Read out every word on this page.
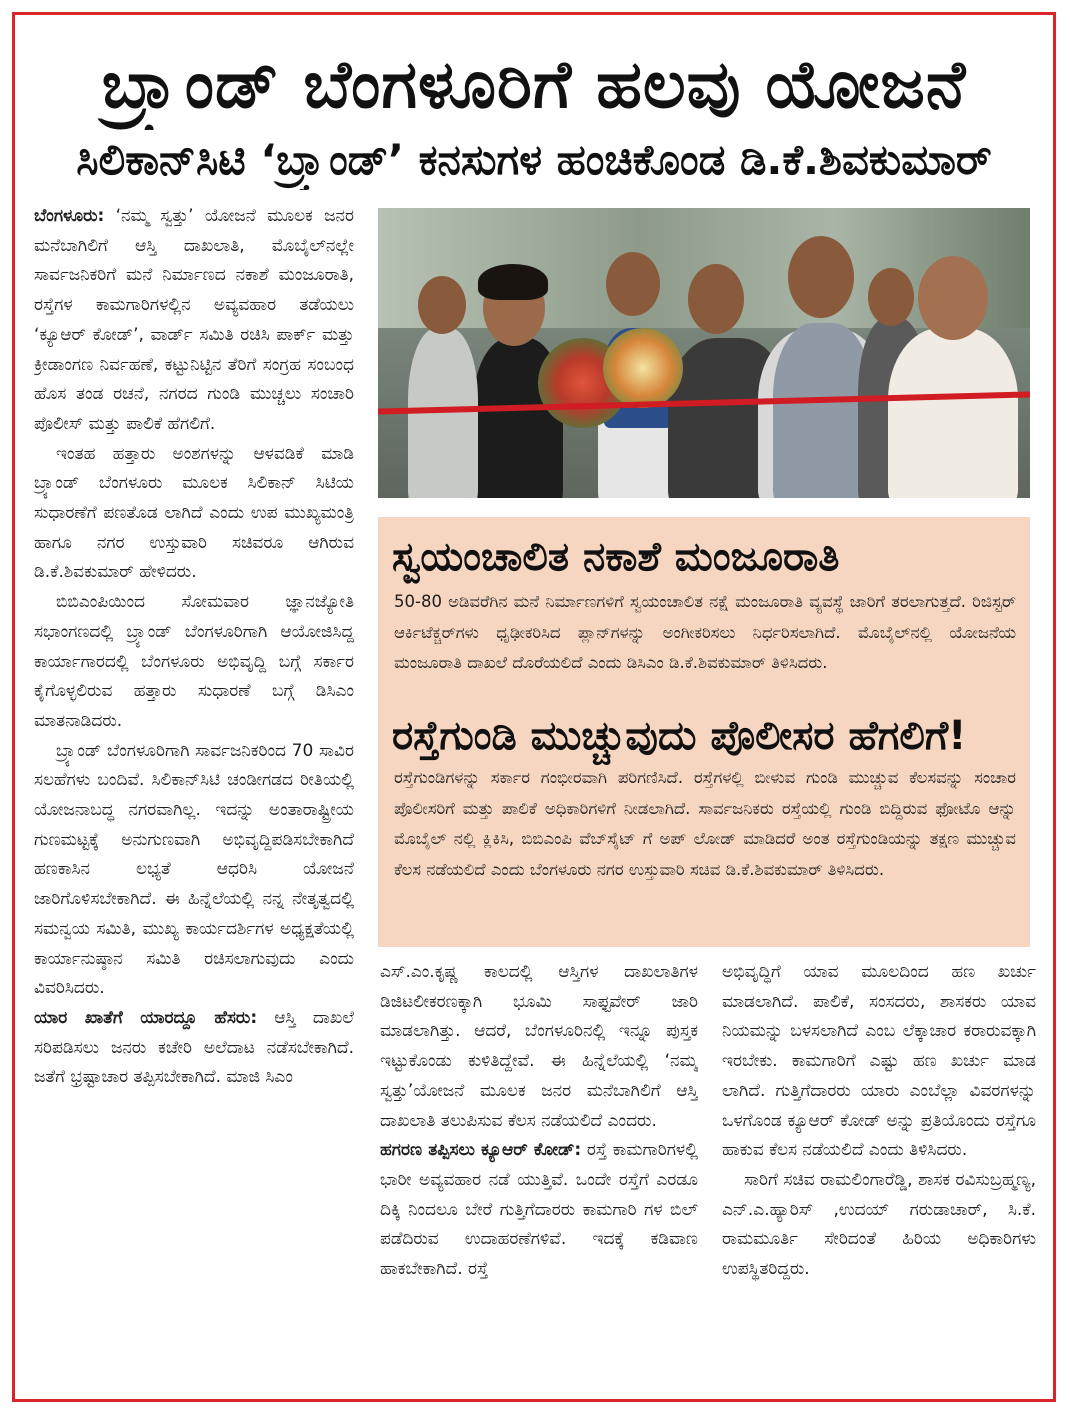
ಬ್ರ್ಯಾಂಡ್ ಬೆಂಗಳೂರಿಗೆ ಹಲವು ಯೋಜನೆ
ಸಿಲಿಕಾನ್‌ಸಿಟಿ ‘ಬ್ರ್ಯಾಂಡ್’ ಕನಸುಗಳ ಹಂಚಿಕೊಂಡ ಡಿ.ಕೆ.ಶಿವಕುಮಾರ್

ಬೆಂಗಳೂರು: ‘ನಮ್ಮ ಸ್ವತ್ತು’ ಯೋಜನೆ ಮೂಲಕ ಜನರ ಮನೆಬಾಗಿಲಿಗೆ ಆಸ್ತಿ ದಾಖಲಾತಿ, ಮೊಬೈಲ್‌ನಲ್ಲೇ ಸಾರ್ವಜನಿಕರಿಗೆ ಮನೆ ನಿರ್ಮಾಣದ ನಕಾಶೆ ಮಂಜೂರಾತಿ, ರಸ್ತೆಗಳ ಕಾಮಗಾರಿಗಳಲ್ಲಿನ ಅವ್ಯವಹಾರ ತಡೆಯಲು ‘ಕ್ಯೂಆರ್ ಕೋಡ್’, ವಾರ್ಡ್ ಸಮಿತಿ ರಚಿಸಿ ಪಾರ್ಕ್ ಮತ್ತು ಕ್ರೀಡಾಂಗಣ ನಿರ್ವಹಣೆ, ಕಟ್ಟುನಿಟ್ಟಿನ ತೆರಿಗೆ ಸಂಗ್ರಹ ಸಂಬಂಧ ಹೊಸ ತಂಡ ರಚನೆ, ನಗರದ ಗುಂಡಿ ಮುಚ್ಚಲು ಸಂಚಾರಿ ಪೊಲೀಸ್ ಮತ್ತು ಪಾಲಿಕೆ ಹೆಗಲಿಗೆ.

ಇಂತಹ ಹತ್ತಾರು ಅಂಶಗಳನ್ನು ಆಳವಡಿಕೆ ಮಾಡಿ ಬ್ರ್ಯಾಂಡ್ ಬೆಂಗಳೂರು ಮೂಲಕ ಸಿಲಿಕಾನ್ ಸಿಟಿಯ ಸುಧಾರಣೆಗೆ ಪಣತೊಡ ಲಾಗಿದೆ ಎಂದು ಉಪ ಮುಖ್ಯಮಂತ್ರಿ ಹಾಗೂ ನಗರ ಉಸ್ತುವಾರಿ ಸಚಿವರೂ ಆಗಿರುವ ಡಿ.ಕೆ.ಶಿವಕುಮಾರ್ ಹೇಳಿದರು.

ಬಿಬಿಎಂಪಿಯಿಂದ ಸೋಮವಾರ ಜ್ಞಾನಜ್ಯೋತಿ ಸಭಾಂಗಣದಲ್ಲಿ ಬ್ರ್ಯಾಂಡ್ ಬೆಂಗಳೂರಿಗಾಗಿ ಆಯೋಜಿಸಿದ್ದ ಕಾರ್ಯಾಗಾರದಲ್ಲಿ ಬೆಂಗಳೂರು ಅಭಿವೃದ್ದಿ ಬಗ್ಗೆ ಸರ್ಕಾರ ಕೈಗೊಳ್ಳಲಿರುವ ಹತ್ತಾರು ಸುಧಾರಣೆ ಬಗ್ಗೆ ಡಿಸಿಎಂ ಮಾತನಾಡಿದರು.

ಬ್ರ್ಯಾಂಡ್ ಬೆಂಗಳೂರಿಗಾಗಿ ಸಾರ್ವಜನಿಕರಿಂದ 70 ಸಾವಿರ ಸಲಹೆಗಳು ಬಂದಿವೆ. ಸಿಲಿಕಾನ್‌ಸಿಟಿ ಚಂಡೀಗಡದ ರೀತಿಯಲ್ಲಿ ಯೋಜನಾಬದ್ಧ ನಗರವಾಗಿಲ್ಲ. ಇದನ್ನು ಅಂತಾರಾಷ್ಟ್ರೀಯ ಗುಣಮಟ್ಟಕ್ಕೆ ಅನುಗುಣವಾಗಿ ಅಭಿವೃದ್ದಿಪಡಿಸಬೇಕಾಗಿದೆ ಹಣಕಾಸಿನ ಲಭ್ಯತೆ ಆಧರಿಸಿ ಯೋಜನೆ ಜಾರಿಗೊಳಿಸಬೇಕಾಗಿದೆ. ಈ ಹಿನ್ನೆಲೆಯಲ್ಲಿ ನನ್ನ ನೇತೃತ್ವದಲ್ಲಿ ಸಮನ್ವಯ ಸಮಿತಿ, ಮುಖ್ಯ ಕಾರ್ಯದರ್ಶಿಗಳ ಅಧ್ಯಕ್ಷತೆಯಲ್ಲಿ ಕಾರ್ಯಾನುಷ್ಠಾನ ಸಮಿತಿ ರಚಿಸಲಾಗುವುದು ಎಂದು ವಿವರಿಸಿದರು.

ಯಾರ ಖಾತೆಗೆ ಯಾರದ್ದೂ ಹೆಸರು: ಆಸ್ತಿ ದಾಖಲೆ ಸರಿಪಡಿಸಲು ಜನರು ಕಚೇರಿ ಅಲೆದಾಟ ನಡೆಸಬೇಕಾಗಿದೆ. ಜತೆಗೆ ಭ್ರಷ್ಟಾಚಾರ ತಪ್ಪಿಸಬೇಕಾಗಿದೆ. ಮಾಜಿ ಸಿಎಂ

ಸ್ವಯಂಚಾಲಿತ ನಕಾಶೆ ಮಂಜೂರಾತಿ

50-80 ಅಡಿವರೆಗಿನ ಮನೆ ನಿರ್ಮಾಣಗಳಿಗೆ ಸ್ವಯಂಚಾಲಿತ ನಕ್ಷೆ ಮಂಜೂರಾತಿ ವ್ಯವಸ್ಥೆ ಜಾರಿಗೆ ತರಲಾಗುತ್ತದೆ. ರಿಜಿಸ್ಟರ್ ಆರ್ಕಿಟೆಕ್ಚರ್‌ಗಳು ಧೃಢೀಕರಿಸಿದ ಪ್ಲಾನ್‌ಗಳನ್ನು ಅಂಗೀಕರಿಸಲು ನಿರ್ಧರಿಸಲಾಗಿದೆ. ಮೊಬೈಲ್‌ನಲ್ಲಿ ಯೋಜನೆಯ ಮಂಜೂರಾತಿ ದಾಖಲೆ ದೊರೆಯಲಿದೆ ಎಂದು ಡಿಸಿಎಂ ಡಿ.ಕೆ.ಶಿವಕುಮಾರ್ ತಿಳಿಸಿದರು.

ರಸ್ತೆಗುಂಡಿ ಮುಚ್ಚುವುದು ಪೊಲೀಸರ ಹೆಗಲಿಗೆ!

ರಸ್ತೆಗುಂಡಿಗಳನ್ನು ಸರ್ಕಾರ ಗಂಭೀರವಾಗಿ ಪರಿಗಣಿಸಿದೆ. ರಸ್ತೆಗಳಲ್ಲಿ ಬೀಳುವ ಗುಂಡಿ ಮುಚ್ಚುವ ಕೆಲಸವನ್ನು ಸಂಚಾರ ಪೊಲೀಸರಿಗೆ ಮತ್ತು ಪಾಲಿಕೆ ಅಧಿಕಾರಿಗಳಿಗೆ ನೀಡಲಾಗಿದೆ. ಸಾರ್ವಜನಿಕರು ರಸ್ತೆಯಲ್ಲಿ ಗುಂಡಿ ಬಿದ್ದಿರುವ ಫೋಟೊ ಆನ್ನು ಮೊಬೈಲ್ ನಲ್ಲಿ ಕ್ಲಿಕಿಸಿ, ಬಿಬಿಎಂಪಿ ವೆಬ್‌ಸೈಟ್ ಗೆ ಅಪ್ ಲೋಡ್ ಮಾಡಿದರೆ ಅಂತ ರಸ್ತೆಗುಂಡಿಯನ್ನು ತಕ್ಷಣ ಮುಚ್ಚುವ ಕೆಲಸ ನಡೆಯಲಿದೆ ಎಂದು ಬೆಂಗಳೂರು ನಗರ ಉಸ್ತುವಾರಿ ಸಚಿವ ಡಿ.ಕೆ.ಶಿವಕುಮಾರ್ ತಿಳಿಸಿದರು.

ಎಸ್.ಎಂ.ಕೃಷ್ಣ ಕಾಲದಲ್ಲಿ ಆಸ್ತಿಗಳ ದಾಖಲಾತಿಗಳ ಡಿಜಿಟಲೀಕರಣಕ್ಕಾಗಿ ಭೂಮಿ ಸಾಫ್ಟವೇರ್ ಜಾರಿ ಮಾಡಲಾಗಿತ್ತು. ಆದರೆ, ಬೆಂಗಳೂರಿನಲ್ಲಿ ಇನ್ನೂ ಪುಸ್ತಕ ಇಟ್ಟುಕೊಂಡು ಕುಳಿತಿದ್ದೇವೆ. ಈ ಹಿನ್ನೆಲೆಯಲ್ಲಿ ‘ನಮ್ಮ ಸ್ವತ್ತು’ಯೋಜನೆ ಮೂಲಕ ಜನರ ಮನೆಬಾಗಿಲಿಗೆ ಆಸ್ತಿ ದಾಖಲಾತಿ ತಲುಪಿಸುವ ಕೆಲಸ ನಡೆಯಲಿದೆ ಎಂದರು.

ಹಗರಣ ತಪ್ಪಿಸಲು ಕ್ಯೂಆರ್ ಕೋಡ್: ರಸ್ತೆ ಕಾಮಗಾರಿಗಳಲ್ಲಿ ಭಾರೀ ಅವ್ಯವಹಾರ ನಡೆ ಯುತ್ತಿವೆ. ಒಂದೇ ರಸ್ತೆಗೆ ಎರಡೂ ದಿಕ್ಕಿ ನಿಂದಲೂ ಬೇರೆ ಗುತ್ತಿಗೆದಾರರು ಕಾಮಗಾರಿ ಗಳ ಬಿಲ್ ಪಡೆದಿರುವ ಉದಾಹರಣೆಗಳಿವೆ. ಇದಕ್ಕೆ ಕಡಿವಾಣ ಹಾಕಬೇಕಾಗಿದೆ. ರಸ್ತೆ

ಅಭಿವೃದ್ಧಿಗೆ ಯಾವ ಮೂಲದಿಂದ ಹಣ ಖರ್ಚು ಮಾಡಲಾಗಿದೆ. ಪಾಲಿಕೆ, ಸಂಸದರು, ಶಾಸಕರು ಯಾವ ನಿಯಮನ್ನು ಬಳಸಲಾಗಿದೆ ಎಂಬ ಲೆಕ್ಕಾಚಾರ ಕರಾರುವಕ್ಕಾಗಿ ಇರಬೇಕು. ಕಾಮಗಾರಿಗೆ ಎಷ್ಟು ಹಣ ಖರ್ಚು ಮಾಡ ಲಾಗಿದೆ. ಗುತ್ತಿಗೆದಾರರು ಯಾರು ಎಂಬೆಲ್ಲಾ ವಿವರಗಳನ್ನು ಒಳಗೊಂಡ ಕ್ಯೂಆರ್ ಕೋಡ್ ಅನ್ನು ಪ್ರತಿಯೊಂದು ರಸ್ತೆಗೂ ಹಾಕುವ ಕೆಲಸ ನಡೆಯಲಿದೆ ಎಂದು ತಿಳಿಸಿದರು.

ಸಾರಿಗೆ ಸಚಿವ ರಾಮಲಿಂಗಾರೆಡ್ಡಿ, ಶಾಸಕ ರವಿಸುಬ್ರಹ್ಮಣ್ಯ, ಎನ್.ಎ.ಹ್ಯಾರಿಸ್ ,ಉದಯ್ ಗರುಡಾಚಾರ್, ಸಿ.ಕೆ. ರಾಮಮೂರ್ತಿ ಸೇರಿದಂತೆ ಹಿರಿಯ ಅಧಿಕಾರಿಗಳು ಉಪಸ್ಥಿತರಿದ್ದರು.
